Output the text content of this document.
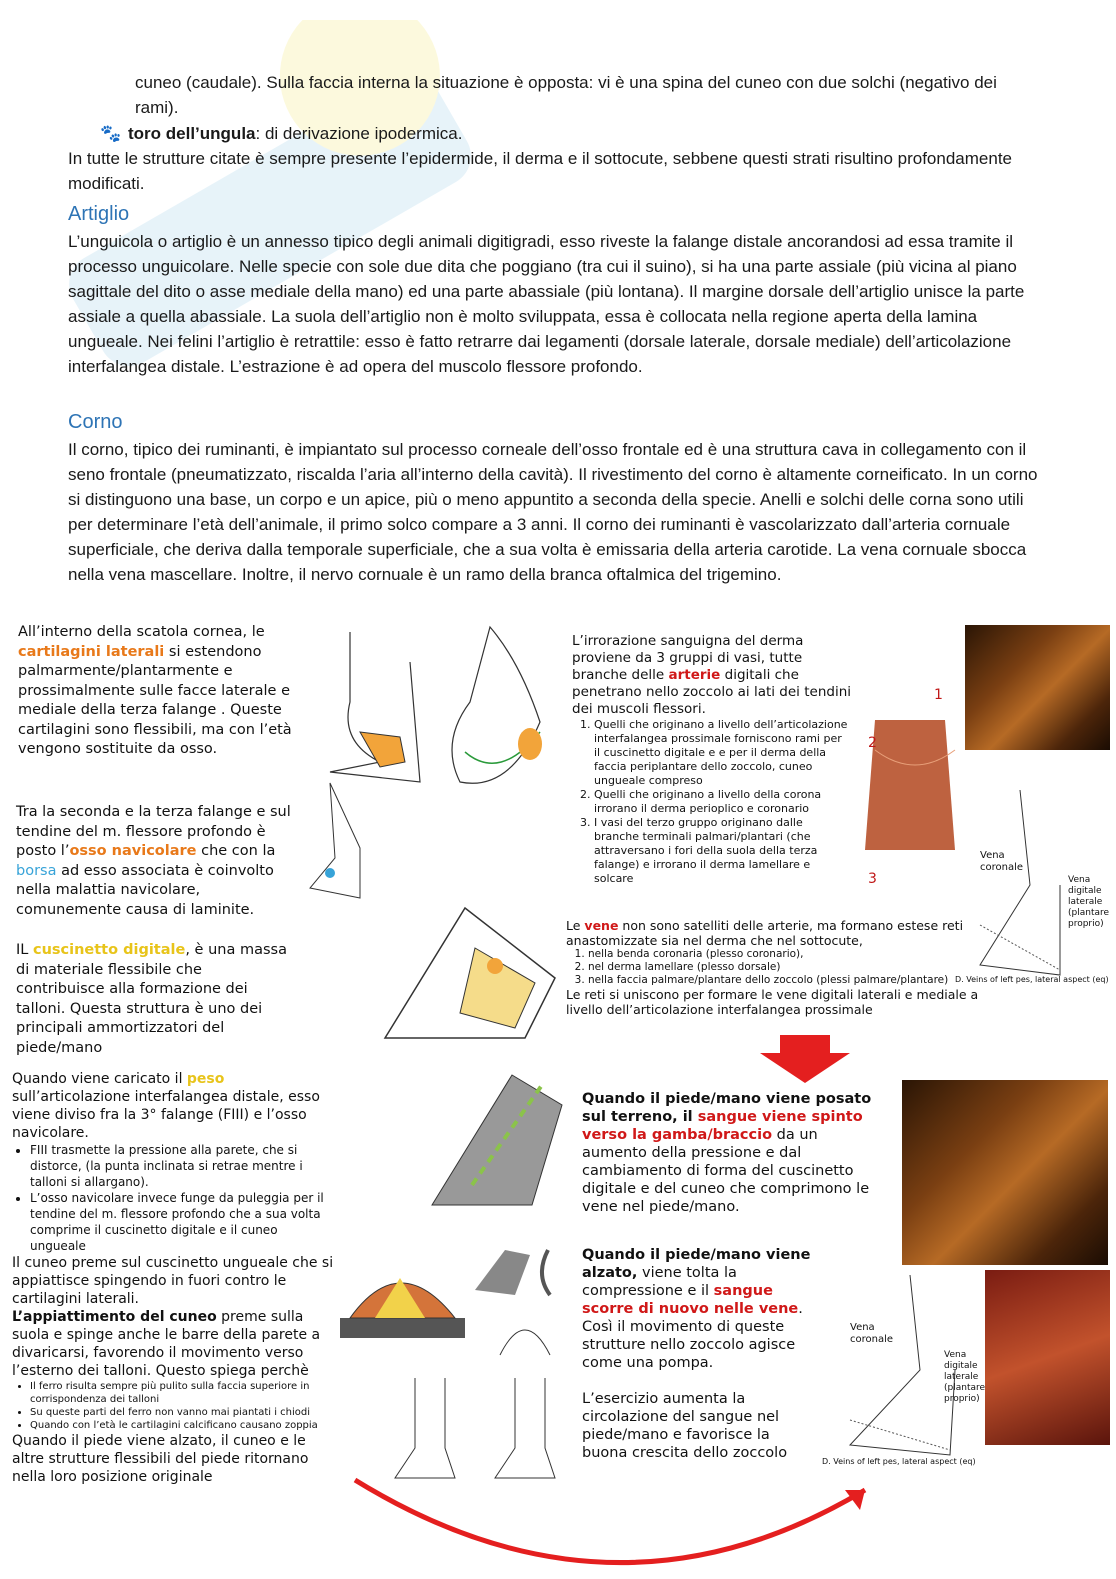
cuneo (caudale). Sulla faccia interna la situazione è opposta: vi è una spina del cuneo con due solchi (negativo dei rami).
🐾 toro dell’ungula: di derivazione ipodermica.
In tutte le strutture citate è sempre presente l’epidermide, il derma e il sottocute, sebbene questi strati risultino profondamente modificati.
Artiglio
L’unguicola o artiglio è un annesso tipico degli animali digitigradi, esso riveste la falange distale ancorandosi ad essa tramite il processo unguicolare. Nelle specie con sole due dita che poggiano (tra cui il suino), si ha una parte assiale (più vicina al piano sagittale del dito o asse mediale della mano) ed una parte abassiale (più lontana). Il margine dorsale dell’artiglio unisce la parte assiale a quella abassiale. La suola dell’artiglio non è molto sviluppata, essa è collocata nella regione aperta della lamina ungueale. Nei felini l’artiglio è retrattile: esso è fatto retrarre dai legamenti (dorsale laterale, dorsale mediale) dell’articolazione interfalangea distale. L’estrazione è ad opera del muscolo flessore profondo.
Corno
Il corno, tipico dei ruminanti, è impiantato sul processo corneale dell’osso frontale ed è una struttura cava in collegamento con il seno frontale (pneumatizzato, riscalda l’aria all’interno della cavità). Il rivestimento del corno è altamente corneificato. In un corno si distinguono una base, un corpo e un apice, più o meno appuntito a seconda della specie. Anelli e solchi delle corna sono utili per determinare l’età dell’animale, il primo solco compare a 3 anni. Il corno dei ruminanti è vascolarizzato dall’arteria cornuale superficiale, che deriva dalla temporale superficiale, che a sua volta è emissaria della arteria carotide. La vena cornuale sbocca nella vena mascellare. Inoltre, il nervo cornuale è un ramo della branca oftalmica del trigemino.
All’interno della scatola cornea, le cartilagini laterali si estendono palmarmente/plantarmente e prossimalmente sulle facce laterale e mediale della terza falange . Queste cartilagini sono flessibili, ma con l’età vengono sostituite da osso.
Tra la seconda e la terza falange e sul tendine del m. flessore profondo è posto l’osso navicolare che con la borsa ad esso associata è coinvolto nella malattia navicolare, comunemente causa di laminite.
IL cuscinetto digitale, è una massa di materiale flessibile che contribuisce alla formazione dei talloni. Questa struttura è uno dei principali ammortizzatori del piede/mano
Quando viene caricato il peso sull’articolazione interfalangea distale, esso viene diviso fra la 3° falange (FIII) e l’osso navicolare.
• FIII trasmette la pressione alla parete, che si distorce, (la punta inclinata si retrae mentre i talloni si allargano).
• L’osso navicolare invece funge da puleggia per il tendine del m. flessore profondo che a sua volta comprime il cuscinetto digitale e il cuneo ungueale
Il cuneo preme sul cuscinetto ungueale che si appiattisce spingendo in fuori contro le cartilagini laterali.
L’appiattimento del cuneo preme sulla suola e spinge anche le barre della parete a divaricarsi, favorendo il movimento verso l’esterno dei talloni. Questo spiega perchè
• Il ferro risulta sempre più pulito sulla faccia superiore in corrispondenza dei talloni
• Su queste parti del ferro non vanno mai piantati i chiodi
• Quando con l’età le cartilagini calcificano causano zoppia
Quando il piede viene alzato, il cuneo e le altre strutture flessibili del piede ritornano nella loro posizione originale
L’irrorazione sanguigna del derma proviene da 3 gruppi di vasi, tutte branche delle arterie digitali che penetrano nello zoccolo ai lati dei tendini dei muscoli flessori.
1. Quelli che originano a livello dell’articolazione interfalangea prossimale forniscono rami per il cuscinetto digitale e e per il derma della faccia periplantare dello zoccolo, cuneo ungueale compreso
2. Quelli che originano a livello della corona irrorano il derma perioplico e coronario
3. I vasi del terzo gruppo originano dalle branche terminali palmari/plantari (che attraversano i fori della suola della terza falange) e irrorano il derma lamellare e solcare
Le vene non sono satelliti delle arterie, ma formano estese reti anastomizzate sia nel derma che nel sottocute,
1. nella benda coronaria (plesso coronario),
2. nel derma lamellare (plesso dorsale)
3. nella faccia palmare/plantare dello zoccolo (plessi palmare/plantare)
Le reti si uniscono per formare le vene digitali laterali e mediale a livello dell’articolazione interfalangea prossimale
Quando il piede/mano viene posato sul terreno, il sangue viene spinto verso la gamba/braccio da un aumento della pressione e dal cambiamento di forma del cuscinetto digitale e del cuneo che comprimono le vene nel piede/mano.
Quando il piede/mano viene alzato, viene tolta la compressione e il sangue scorre di nuovo nelle vene. Così il movimento di queste strutture nello zoccolo agisce come una pompa.
L’esercizio aumenta la circolazione del sangue nel piede/mano e favorisce la buona crescita dello zoccolo
1
2
3
Vena coronale
Vena digitale laterale (plantare proprio)
D. Veins of left pes, lateral aspect (eq)
Vena coronale
Vena digitale laterale (plantare proprio)
D. Veins of left pes, lateral aspect (eq)
